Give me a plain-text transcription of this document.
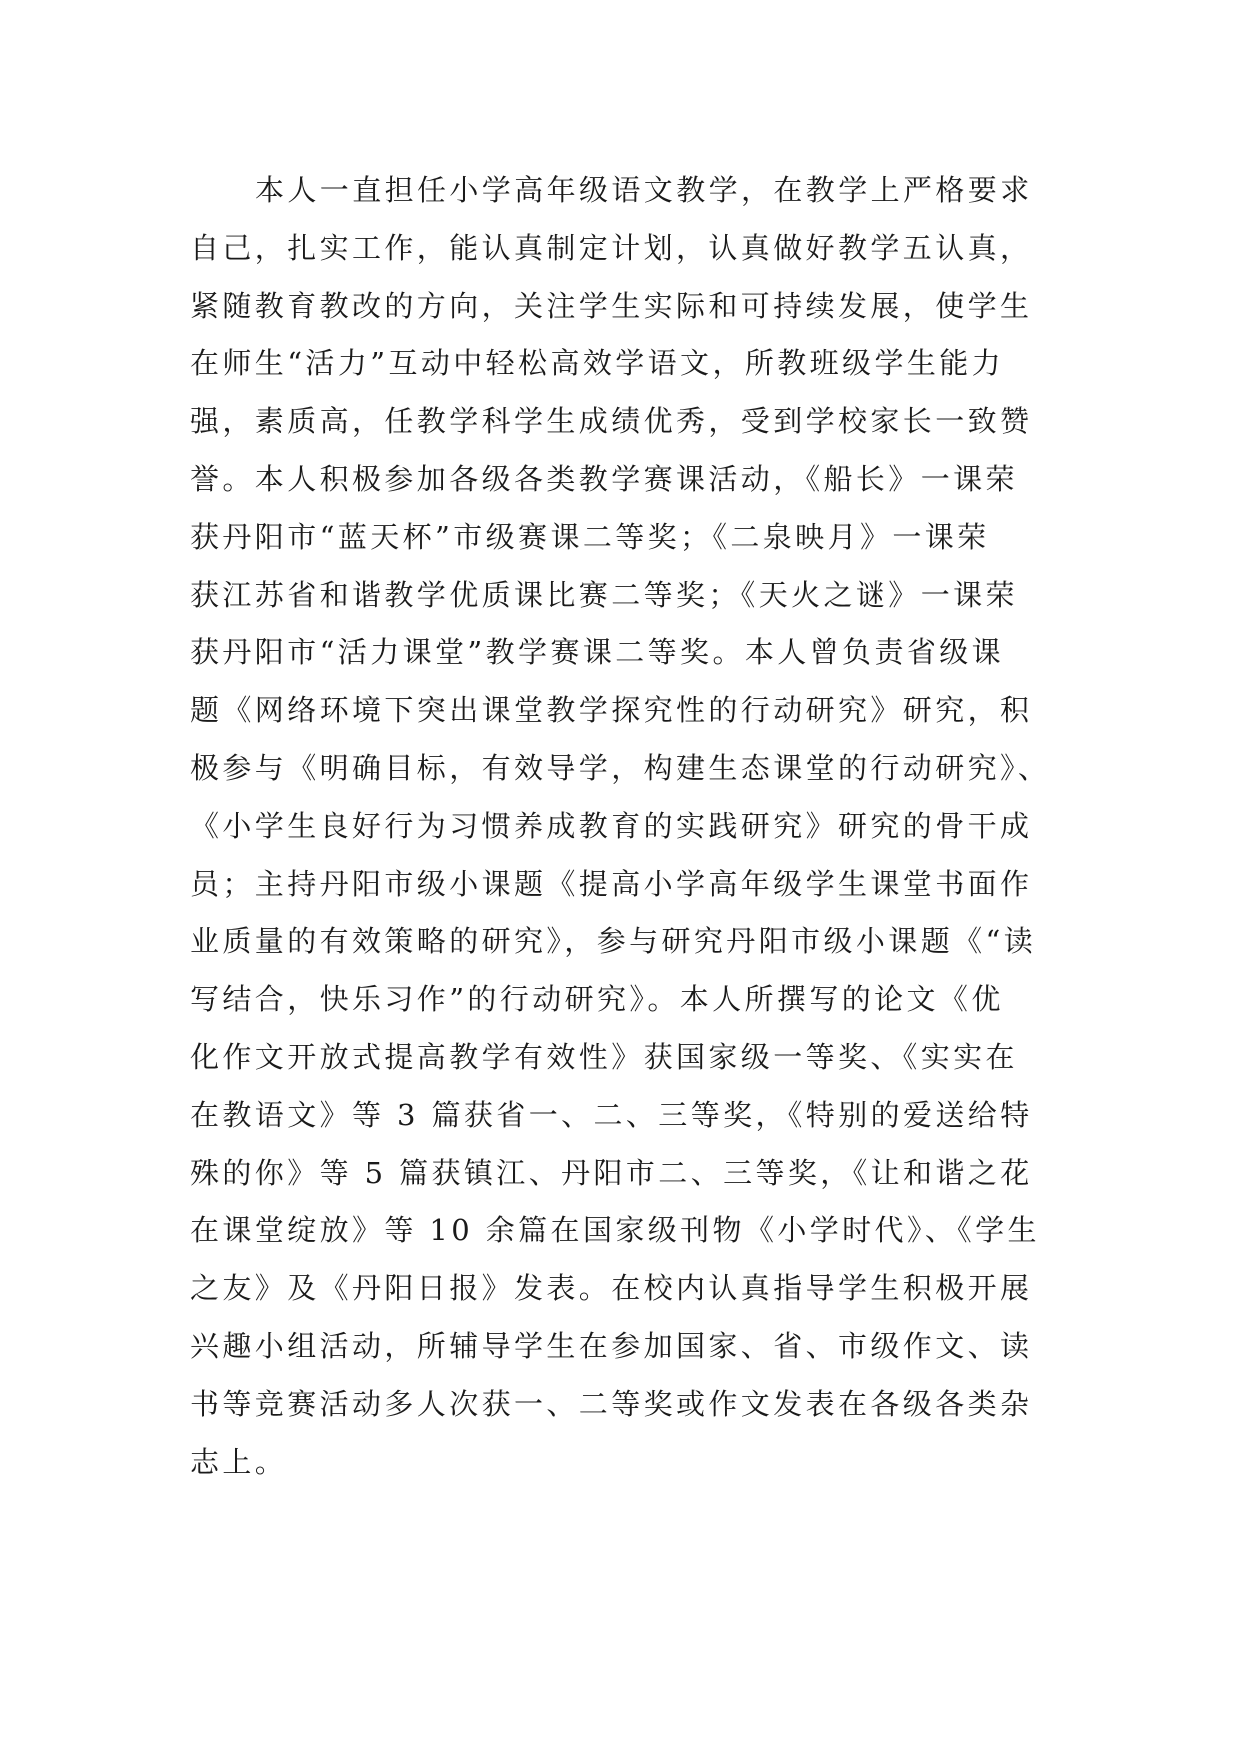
本人一直担任小学高年级语文教学，在教学上严格要求
自己，扎实工作，能认真制定计划，认真做好教学五认真，
紧随教育教改的方向，关注学生实际和可持续发展，使学生
在师生“活力”互动中轻松高效学语文，所教班级学生能力
强，素质高，任教学科学生成绩优秀，受到学校家长一致赞
誉。本人积极参加各级各类教学赛课活动，《船长》一课荣
获丹阳市“蓝天杯”市级赛课二等奖；《二泉映月》一课荣
获江苏省和谐教学优质课比赛二等奖；《天火之谜》一课荣
获丹阳市“活力课堂”教学赛课二等奖。本人曾负责省级课
题《网络环境下突出课堂教学探究性的行动研究》研究，积
极参与《明确目标，有效导学，构建生态课堂的行动研究》、
《小学生良好行为习惯养成教育的实践研究》研究的骨干成
员；主持丹阳市级小课题《提高小学高年级学生课堂书面作
业质量的有效策略的研究》，参与研究丹阳市级小课题《“读
写结合，快乐习作”的行动研究》。本人所撰写的论文《优
化作文开放式提高教学有效性》获国家级一等奖、《实实在
在教语文》等 3 篇获省一、二、三等奖，《特别的爱送给特
殊的你》等 5 篇获镇江、丹阳市二、三等奖，《让和谐之花
在课堂绽放》等 10 余篇在国家级刊物《小学时代》、《学生
之友》及《丹阳日报》发表。在校内认真指导学生积极开展
兴趣小组活动，所辅导学生在参加国家、省、市级作文、读
书等竞赛活动多人次获一、二等奖或作文发表在各级各类杂
志上。
